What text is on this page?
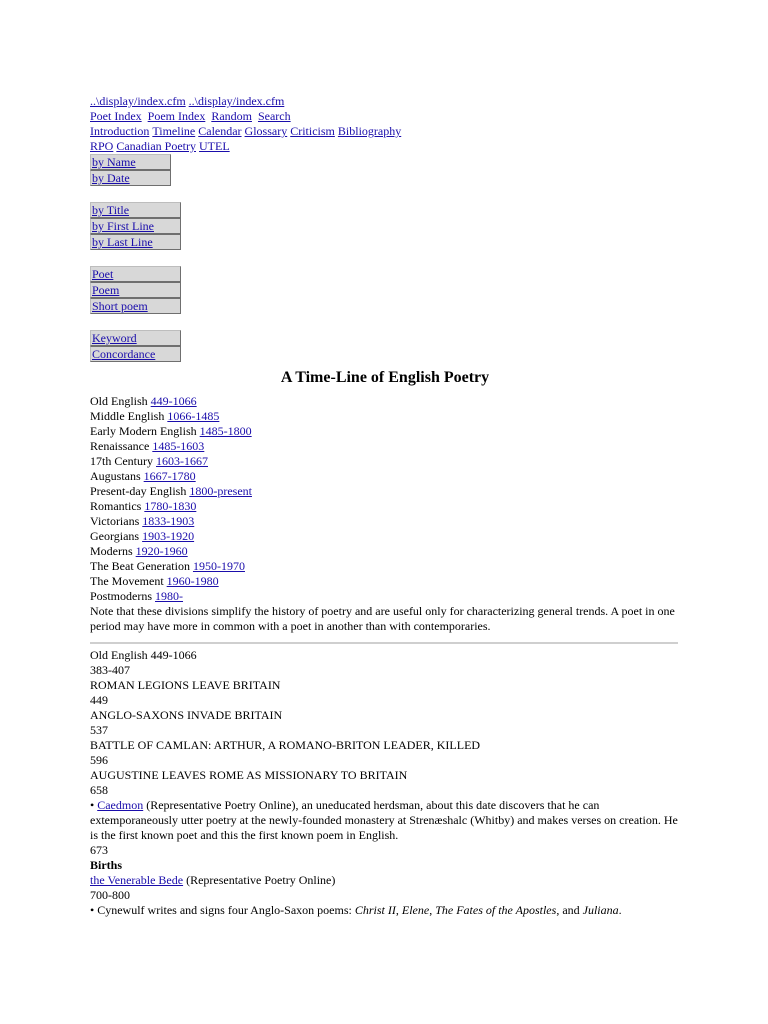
..\display/index.cfm ..\display/index.cfm
Poet Index Poem Index Random Search
Introduction Timeline Calendar Glossary Criticism Bibliography
RPO Canadian Poetry UTEL
by Name
by Date
by Title
by First Line
by Last Line
Poet
Poem
Short poem
Keyword
Concordance
A Time-Line of English Poetry
Old English 449-1066
Middle English 1066-1485
Early Modern English 1485-1800
Renaissance 1485-1603
17th Century 1603-1667
Augustans 1667-1780
Present-day English 1800-present
Romantics 1780-1830
Victorians 1833-1903
Georgians 1903-1920
Moderns 1920-1960
The Beat Generation 1950-1970
The Movement 1960-1980
Postmoderns 1980-

Note that these divisions simplify the history of poetry and are useful only for characterizing general trends. A poet in one period may have more in common with a poet in another than with contemporaries.

Old English 449-1066
383-407
ROMAN LEGIONS LEAVE BRITAIN
449
ANGLO-SAXONS INVADE BRITAIN
537
BATTLE OF CAMLAN: ARTHUR, A ROMANO-BRITON LEADER, KILLED
596
AUGUSTINE LEAVES ROME AS MISSIONARY TO BRITAIN
658
• Caedmon (Representative Poetry Online), an uneducated herdsman, about this date discovers that he can extemporaneously utter poetry at the newly-founded monastery at Strenæshalc (Whitby) and makes verses on creation. He is the first known poet and this the first known poem in English.
673
Births
the Venerable Bede (Representative Poetry Online)
700-800
• Cynewulf writes and signs four Anglo-Saxon poems: Christ II, Elene, The Fates of the Apostles, and Juliana.
